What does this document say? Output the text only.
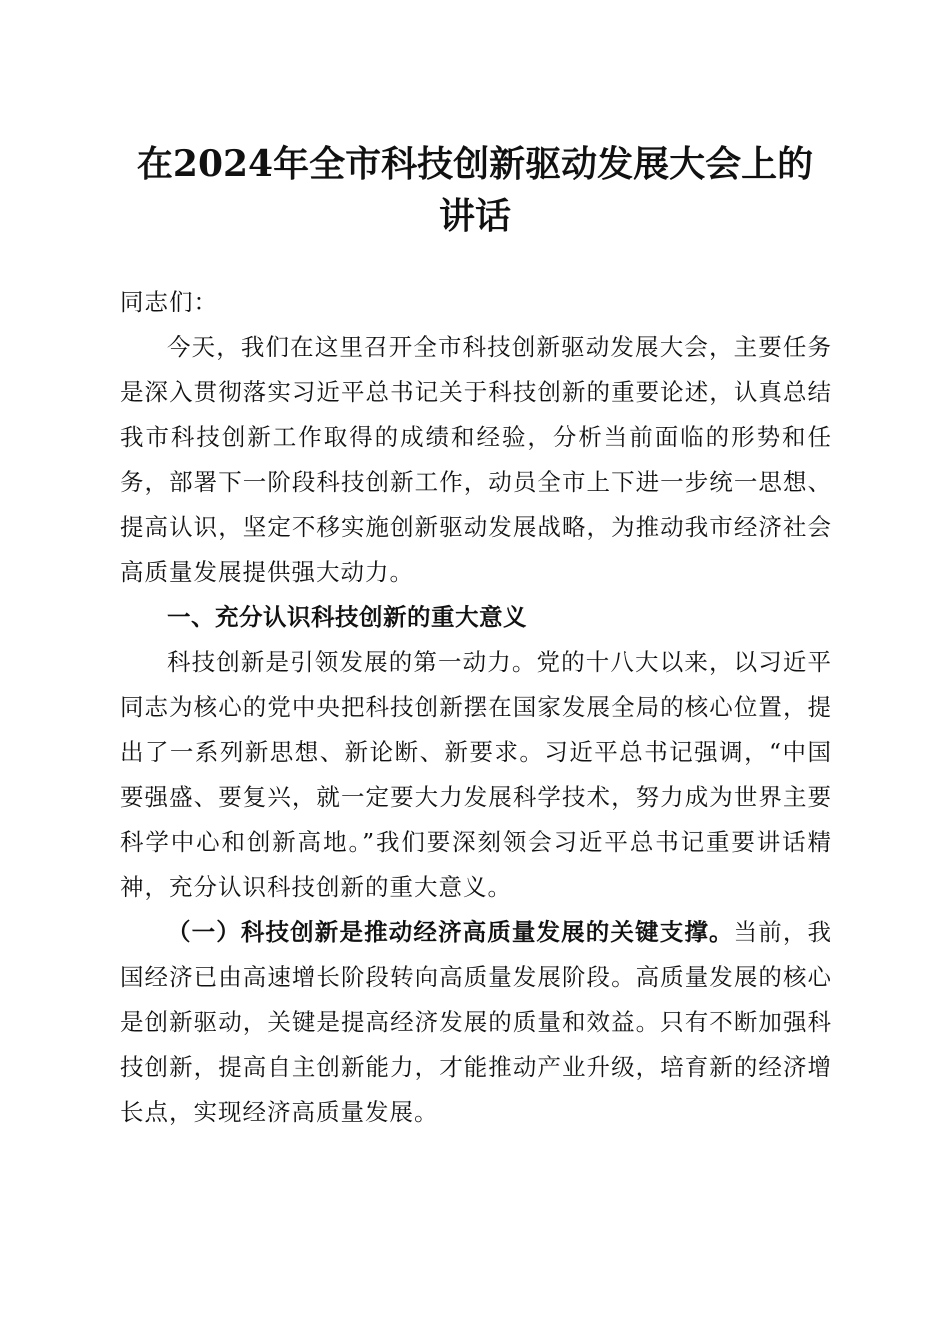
在2024年全市科技创新驱动发展大会上的讲话

同志们：

今天，我们在这里召开全市科技创新驱动发展大会，主要任务是深入贯彻落实习近平总书记关于科技创新的重要论述，认真总结我市科技创新工作取得的成绩和经验，分析当前面临的形势和任务，部署下一阶段科技创新工作，动员全市上下进一步统一思想、提高认识，坚定不移实施创新驱动发展战略，为推动我市经济社会高质量发展提供强大动力。

一、充分认识科技创新的重大意义

科技创新是引领发展的第一动力。党的十八大以来，以习近平同志为核心的党中央把科技创新摆在国家发展全局的核心位置，提出了一系列新思想、新论断、新要求。习近平总书记强调，“中国要强盛、要复兴，就一定要大力发展科学技术，努力成为世界主要科学中心和创新高地。”我们要深刻领会习近平总书记重要讲话精神，充分认识科技创新的重大意义。

（一）科技创新是推动经济高质量发展的关键支撑。当前，我国经济已由高速增长阶段转向高质量发展阶段。高质量发展的核心是创新驱动，关键是提高经济发展的质量和效益。只有不断加强科技创新，提高自主创新能力，才能推动产业升级，培育新的经济增长点，实现经济高质量发展。
